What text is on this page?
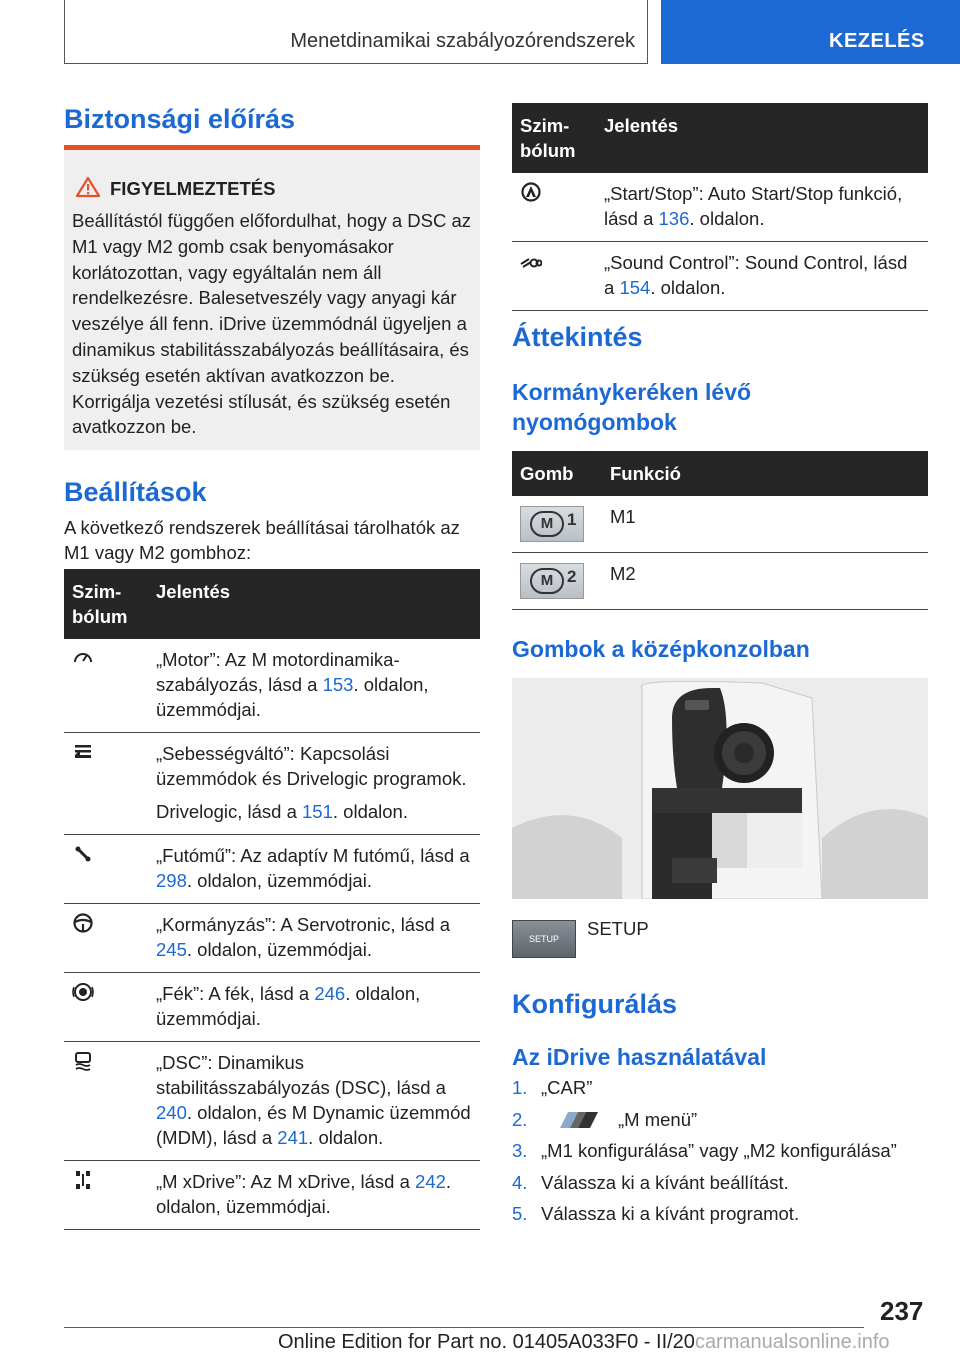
Menetdinamikai szabályozórendszerek	KEZELÉS
Biztonsági előírás
FIGYELMEZTETÉS
Beállítástól függően előfordulhat, hogy a DSC az M1 vagy M2 gomb csak benyomásakor korlátozottan, vagy egyáltalán nem áll rendelkezésre. Balesetveszély vagy anyagi kár veszélye áll fenn. iDrive üzemmódnál ügyeljen a dinamikus stabilitásszabályozás beállításaira, és szükség esetén aktívan avatkozzon be. Korrigálja vezetési stílusát, és szükség esetén avatkozzon be.
Beállítások

A következő rendszerek beállításai tárolhatók az M1 vagy M2 gombhoz:

Szim-
bólum	Jelentés
	„Motor”: Az M motordinamika-szabályozás, lásd a 153. oldalon, üzemmódjai.

„Sebességváltó”: Kapcsolási üzemmódok és Drivelogic programok.
Drivelogic, lásd a 151. oldalon.

	„Futómű”: Az adaptív M futómű, lásd a 298. oldalon, üzemmódjai.
	„Kormányzás”: A Servotronic, lásd a 245. oldalon, üzemmódjai.
	„Fék”: A fék, lásd a 246. oldalon, üzemmódjai.
	„DSC”: Dinamikus stabilitásszabályozás (DSC), lásd a 240. oldalon, és M Dynamic üzemmód (MDM), lásd a 241. oldalon.
	„M xDrive”: Az M xDrive, lásd a 242. oldalon, üzemmódjai.
Szim-
bólum	Jelentés
	„Start/Stop”: Auto Start/Stop funkció, lásd a 136. oldalon.
	„Sound Control”: Sound Control, lásd a 154. oldalon.
Áttekintés
Kormánykeréken lévő nyomógombok
Gomb	Funkció

M 1	M1

M 2	M2
Gombok a középkonzolban
SETUP	SETUP

Konfigurálás
Az iDrive használatával
1. „CAR”
2.	„M menü”
3. „M1 konfigurálása” vagy „M2 konfigurálása”
4. Válassza ki a kívánt beállítást.
5. Válassza ki a kívánt programot.
237
Online Edition for Part no. 01405A033F0 - II/20carmanualsonline.info
